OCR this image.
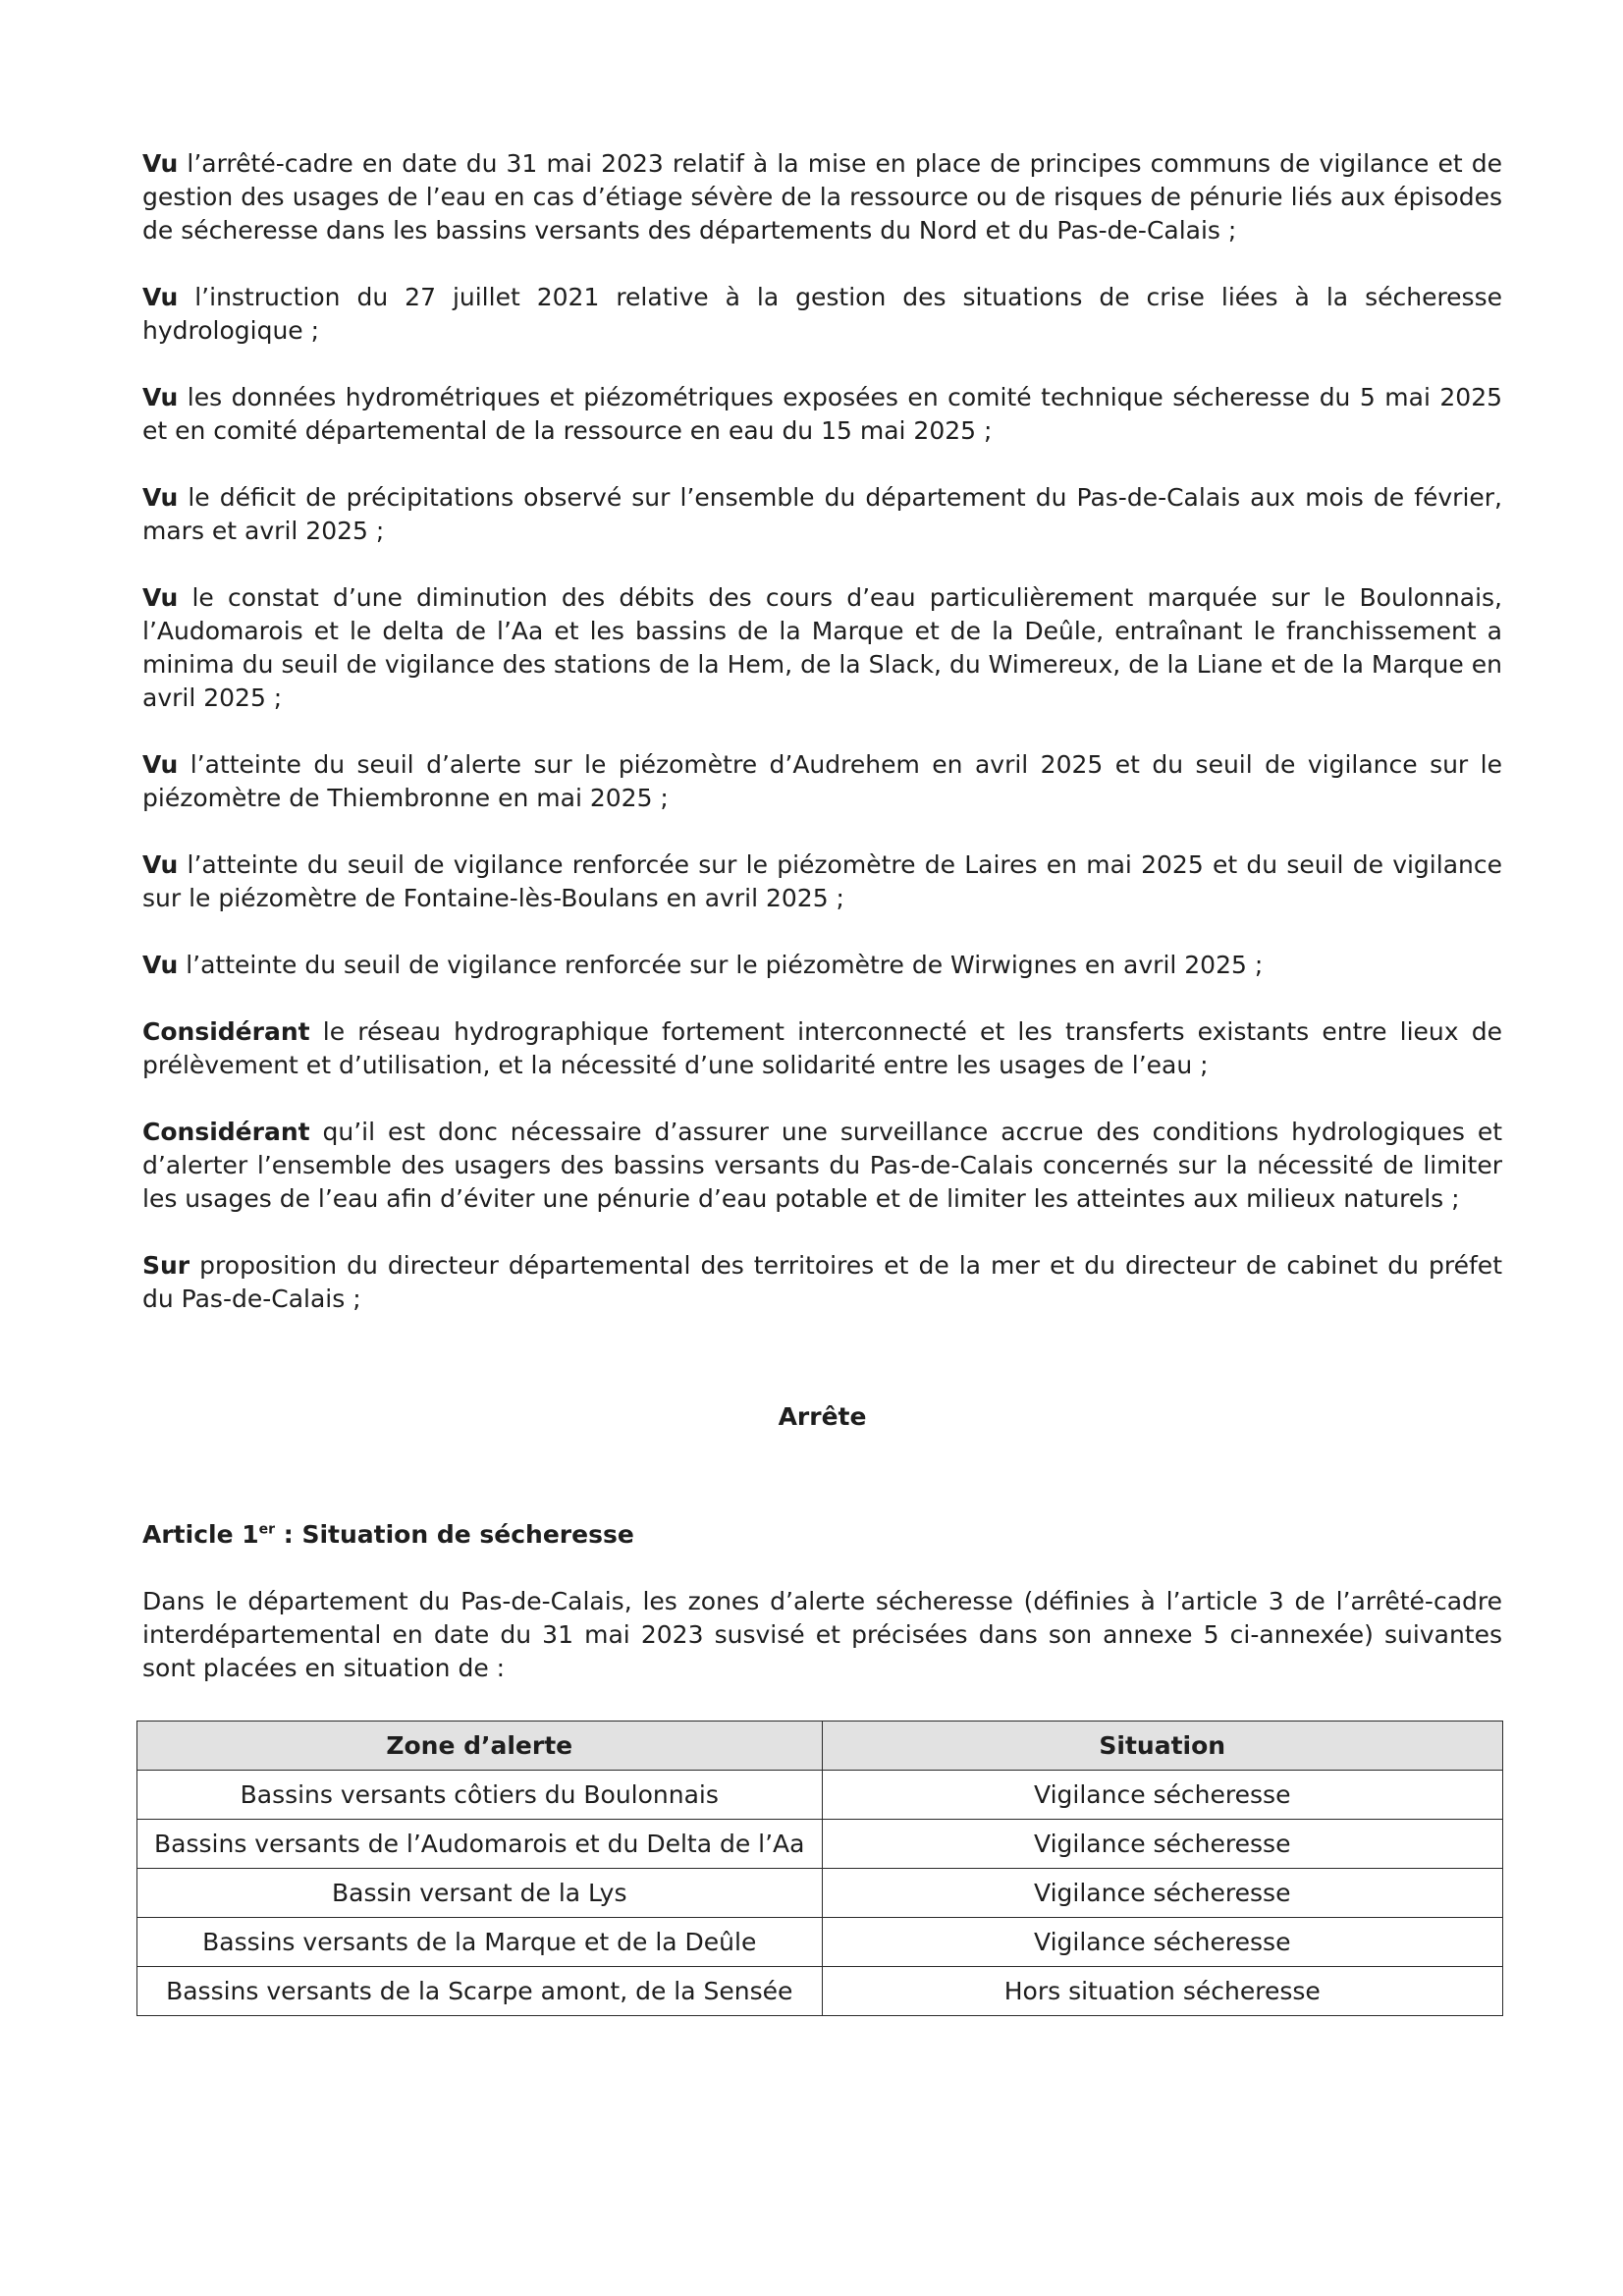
Vu l’arrêté-cadre en date du 31 mai 2023 relatif à la mise en place de principes communs de vigilance et de gestion des usages de l’eau en cas d’étiage sévère de la ressource ou de risques de pénurie liés aux épisodes de sécheresse dans les bassins versants des départements du Nord et du Pas-de-Calais ;

Vu l’instruction du 27 juillet 2021 relative à la gestion des situations de crise liées à la sécheresse hydrologique ;

Vu les données hydrométriques et piézométriques exposées en comité technique sécheresse du 5 mai 2025 et en comité départemental de la ressource en eau du 15 mai 2025 ;

Vu le déficit de précipitations observé sur l’ensemble du département du Pas-de-Calais aux mois de février, mars et avril 2025 ;

Vu le constat d’une diminution des débits des cours d’eau particulièrement marquée sur le Boulonnais, l’Audomarois et le delta de l’Aa et les bassins de la Marque et de la Deûle, entraînant le franchissement a minima du seuil de vigilance des stations de la Hem, de la Slack, du Wimereux, de la Liane et de la Marque en avril 2025 ;

Vu l’atteinte du seuil d’alerte sur le piézomètre d’Audrehem en avril 2025 et du seuil de vigilance sur le piézomètre de Thiembronne en mai 2025 ;

Vu l’atteinte du seuil de vigilance renforcée sur le piézomètre de Laires en mai 2025 et du seuil de vigilance sur le piézomètre de Fontaine-lès-Boulans en avril 2025 ;

Vu l’atteinte du seuil de vigilance renforcée sur le piézomètre de Wirwignes en avril 2025 ;

Considérant le réseau hydrographique fortement interconnecté et les transferts existants entre lieux de prélèvement et d’utilisation, et la nécessité d’une solidarité entre les usages de l’eau ;

Considérant qu’il est donc nécessaire d’assurer une surveillance accrue des conditions hydrologiques et d’alerter l’ensemble des usagers des bassins versants du Pas-de-Calais concernés sur la nécessité de limiter les usages de l’eau afin d’éviter une pénurie d’eau potable et de limiter les atteintes aux milieux naturels ;

Sur proposition du directeur départemental des territoires et de la mer et du directeur de cabinet du préfet du Pas-de-Calais ;

Arrête
Article 1er : Situation de sécheresse

Dans le département du Pas-de-Calais, les zones d’alerte sécheresse (définies à l’article 3 de l’arrêté-cadre interdépartemental en date du 31 mai 2023 susvisé et précisées dans son annexe 5 ci-annexée) suivantes sont placées en situation de :

Zone d’alerte	Situation
Bassins versants côtiers du Boulonnais	Vigilance sécheresse
Bassins versants de l’Audomarois et du Delta de l’Aa	Vigilance sécheresse
Bassin versant de la Lys	Vigilance sécheresse
Bassins versants de la Marque et de la Deûle	Vigilance sécheresse
Bassins versants de la Scarpe amont, de la Sensée	Hors situation sécheresse
